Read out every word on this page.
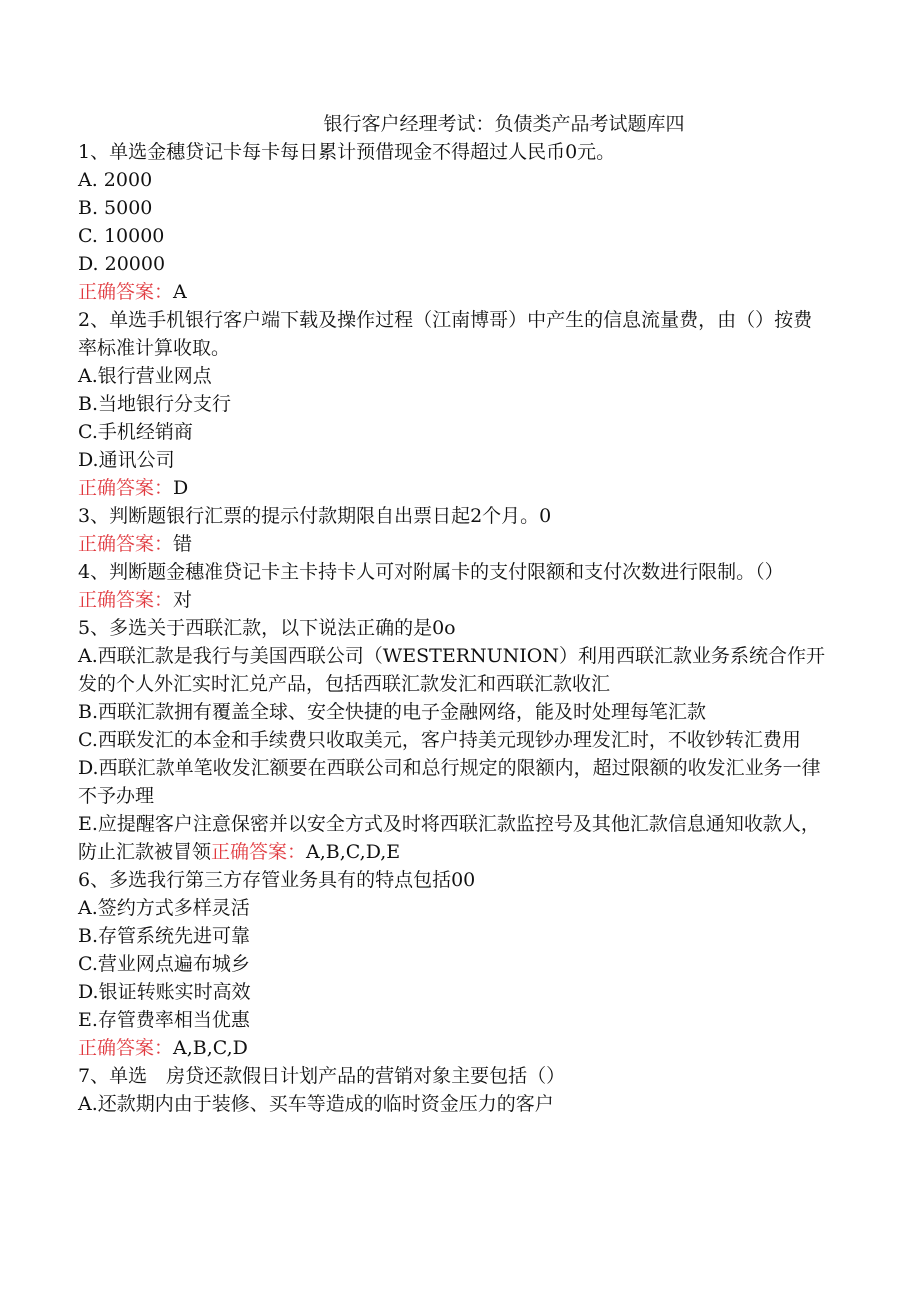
银行客户经理考试：负债类产品考试题库四
1、单选金穗贷记卡每卡每日累计预借现金不得超过人民币0元。
A. 2000
B. 5000
C. 10000
D. 20000
正确答案：A
2、单选手机银行客户端下载及操作过程（江南博哥）中产生的信息流量费，由（）按费率标准计算收取。
A.银行营业网点
B.当地银行分支行
C.手机经销商
D.通讯公司
正确答案：D
3、判断题银行汇票的提示付款期限自出票日起2个月。0
正确答案：错
4、判断题金穗准贷记卡主卡持卡人可对附属卡的支付限额和支付次数进行限制。（）
正确答案：对
5、多选关于西联汇款，以下说法正确的是0o
A.西联汇款是我行与美国西联公司（WESTERNUNION）利用西联汇款业务系统合作开发的个人外汇实时汇兑产品，包括西联汇款发汇和西联汇款收汇
B.西联汇款拥有覆盖全球、安全快捷的电子金融网络，能及时处理每笔汇款
C.西联发汇的本金和手续费只收取美元，客户持美元现钞办理发汇时，不收钞转汇费用
D.西联汇款单笔收发汇额要在西联公司和总行规定的限额内，超过限额的收发汇业务一律不予办理
E.应提醒客户注意保密并以安全方式及时将西联汇款监控号及其他汇款信息通知收款人，防止汇款被冒领正确答案：A,B,C,D,E
6、多选我行第三方存管业务具有的特点包括00
A.签约方式多样灵活
B.存管系统先进可靠
C.营业网点遍布城乡
D.银证转账实时高效
E.存管费率相当优惠
正确答案：A,B,C,D
7、单选　房贷还款假日计划产品的营销对象主要包括（）
A.还款期内由于装修、买车等造成的临时资金压力的客户
